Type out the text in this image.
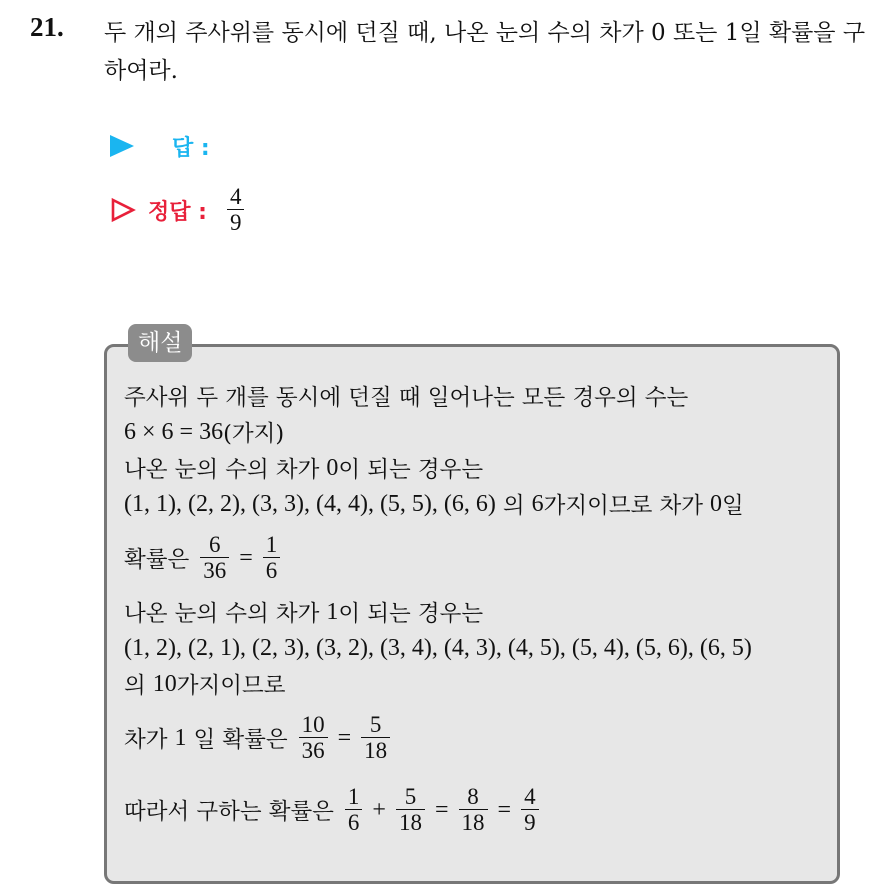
21. 두 개의 주사위를 동시에 던질 때, 나온 눈의 수의 차가 0 또는 1일 확률을 구하여라.
답 :
정답 : $\frac{4}{9}$
해설
주사위 두 개를 동시에 던질 때 일어나는 모든 경우의 수는
6 × 6 = 36 (가지)
나온 눈의 수의 차가 0 이 되는 경우는
(1, 1), (2, 2), (3, 3), (4, 4), (5, 5), (6, 6) 의 6 가지이므로 차가 0 일
확률은 $\frac{6}{36} = \frac{1}{6}$
나온 눈의 수의 차가 1 이 되는 경우는
(1, 2), (2, 1), (2, 3), (3, 2), (3, 4), (4, 3), (4, 5), (5, 4), (5, 6), (6, 5)
의 10 가지이므로
차가 1 일 확률은 $\frac{10}{36} = \frac{5}{18}$
따라서 구하는 확률은 $\frac{1}{6} + \frac{5}{18} = \frac{8}{18} = \frac{4}{9}$
